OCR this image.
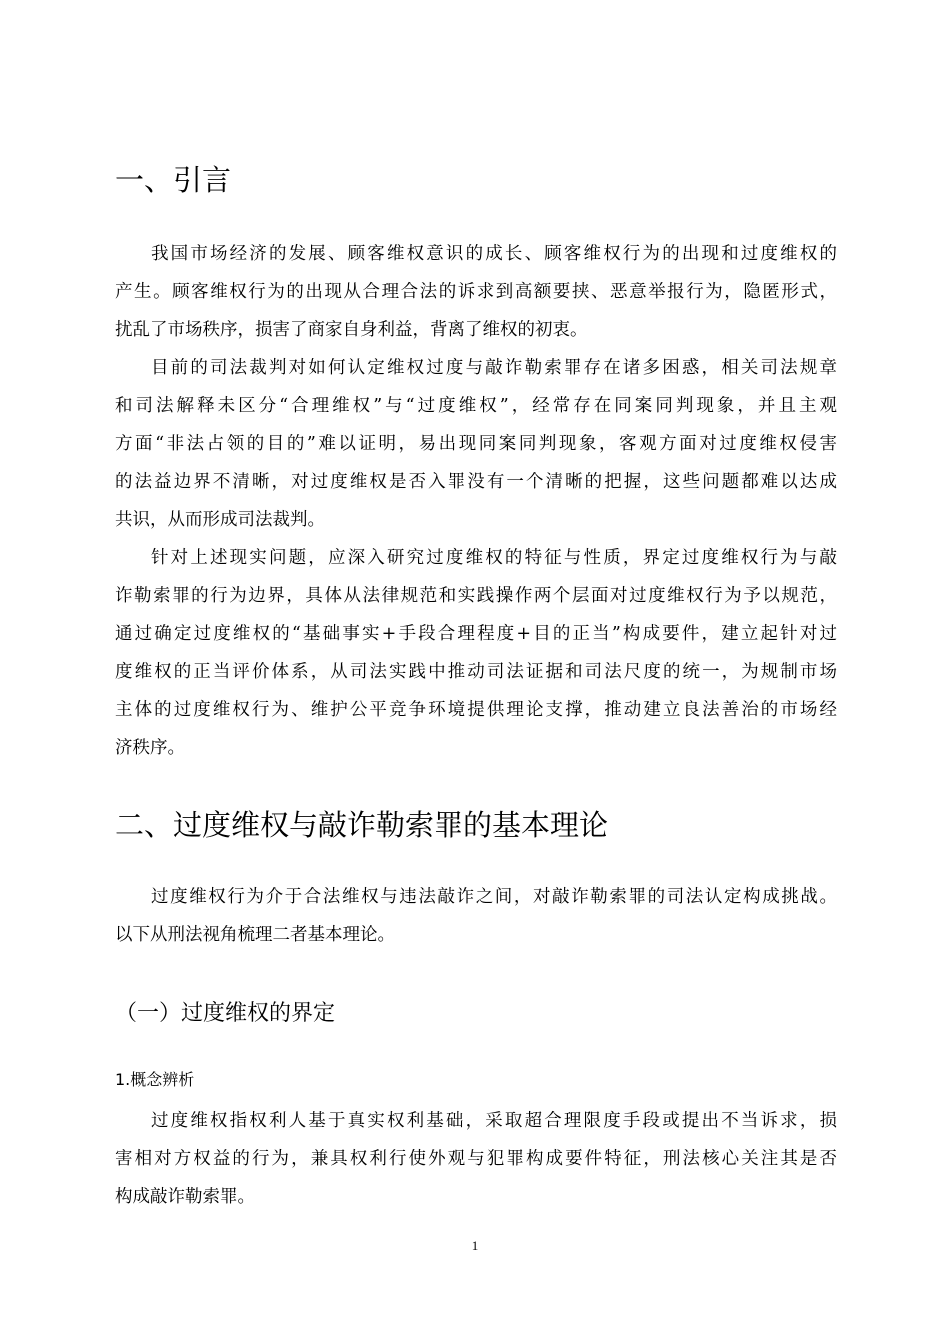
一、引言
我国市场经济的发展、顾客维权意识的成长、顾客维权行为的出现和过度维权的
产生。顾客维权行为的出现从合理合法的诉求到高额要挟、恶意举报行为，隐匿形式，
扰乱了市场秩序，损害了商家自身利益，背离了维权的初衷。
目前的司法裁判对如何认定维权过度与敲诈勒索罪存在诸多困惑，相关司法规章
和司法解释未区分“合理维权”与“过度维权”，经常存在同案同判现象，并且主观
方面“非法占领的目的”难以证明，易出现同案同判现象，客观方面对过度维权侵害
的法益边界不清晰，对过度维权是否入罪没有一个清晰的把握，这些问题都难以达成
共识，从而形成司法裁判。
针对上述现实问题，应深入研究过度维权的特征与性质，界定过度维权行为与敲
诈勒索罪的行为边界，具体从法律规范和实践操作两个层面对过度维权行为予以规范，
通过确定过度维权的“基础事实+手段合理程度+目的正当”构成要件，建立起针对过
度维权的正当评价体系，从司法实践中推动司法证据和司法尺度的统一，为规制市场
主体的过度维权行为、维护公平竞争环境提供理论支撑，推动建立良法善治的市场经
济秩序。
二、过度维权与敲诈勒索罪的基本理论
过度维权行为介于合法维权与违法敲诈之间，对敲诈勒索罪的司法认定构成挑战。
以下从刑法视角梳理二者基本理论。
（一）过度维权的界定
1.概念辨析
过度维权指权利人基于真实权利基础，采取超合理限度手段或提出不当诉求，损
害相对方权益的行为，兼具权利行使外观与犯罪构成要件特征，刑法核心关注其是否
构成敲诈勒索罪。
1
